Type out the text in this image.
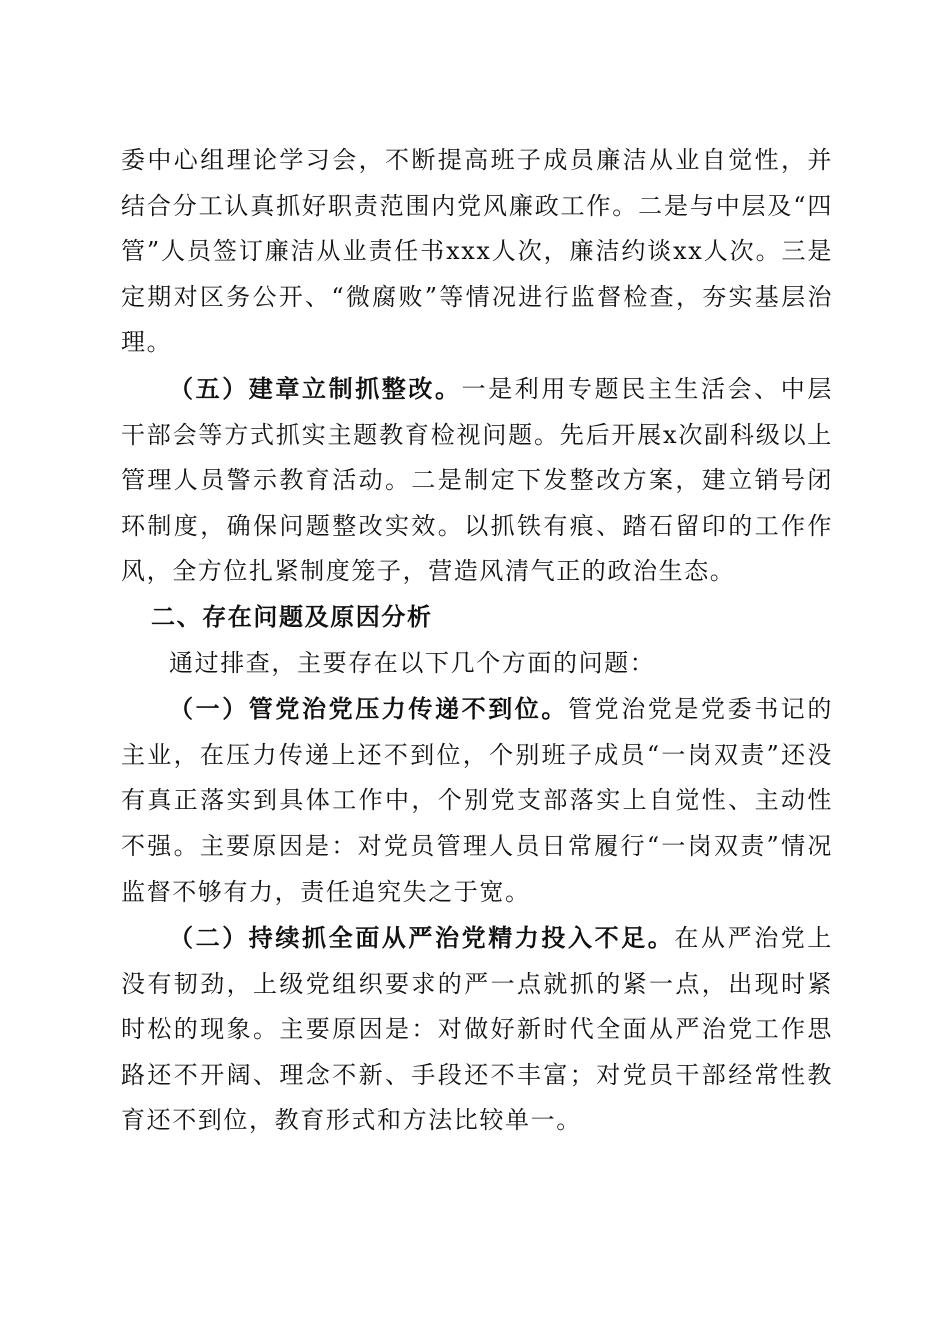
委中心组理论学习会，不断提高班子成员廉洁从业自觉性，并结合分工认真抓好职责范围内党风廉政工作。二是与中层及“四管”人员签订廉洁从业责任书xxx人次，廉洁约谈xx人次。三是定期对区务公开、“微腐败”等情况进行监督检查，夯实基层治理。

（五）建章立制抓整改。一是利用专题民主生活会、中层干部会等方式抓实主题教育检视问题。先后开展x次副科级以上管理人员警示教育活动。二是制定下发整改方案，建立销号闭环制度，确保问题整改实效。以抓铁有痕、踏石留印的工作作风，全方位扎紧制度笼子，营造风清气正的政治生态。

二、存在问题及原因分析

通过排查，主要存在以下几个方面的问题：

（一）管党治党压力传递不到位。管党治党是党委书记的主业，在压力传递上还不到位，个别班子成员“一岗双责”还没有真正落实到具体工作中，个别党支部落实上自觉性、主动性不强。主要原因是：对党员管理人员日常履行“一岗双责”情况监督不够有力，责任追究失之于宽。

（二）持续抓全面从严治党精力投入不足。在从严治党上没有韧劲，上级党组织要求的严一点就抓的紧一点，出现时紧时松的现象。主要原因是：对做好新时代全面从严治党工作思路还不开阔、理念不新、手段还不丰富；对党员干部经常性教育还不到位，教育形式和方法比较单一。
